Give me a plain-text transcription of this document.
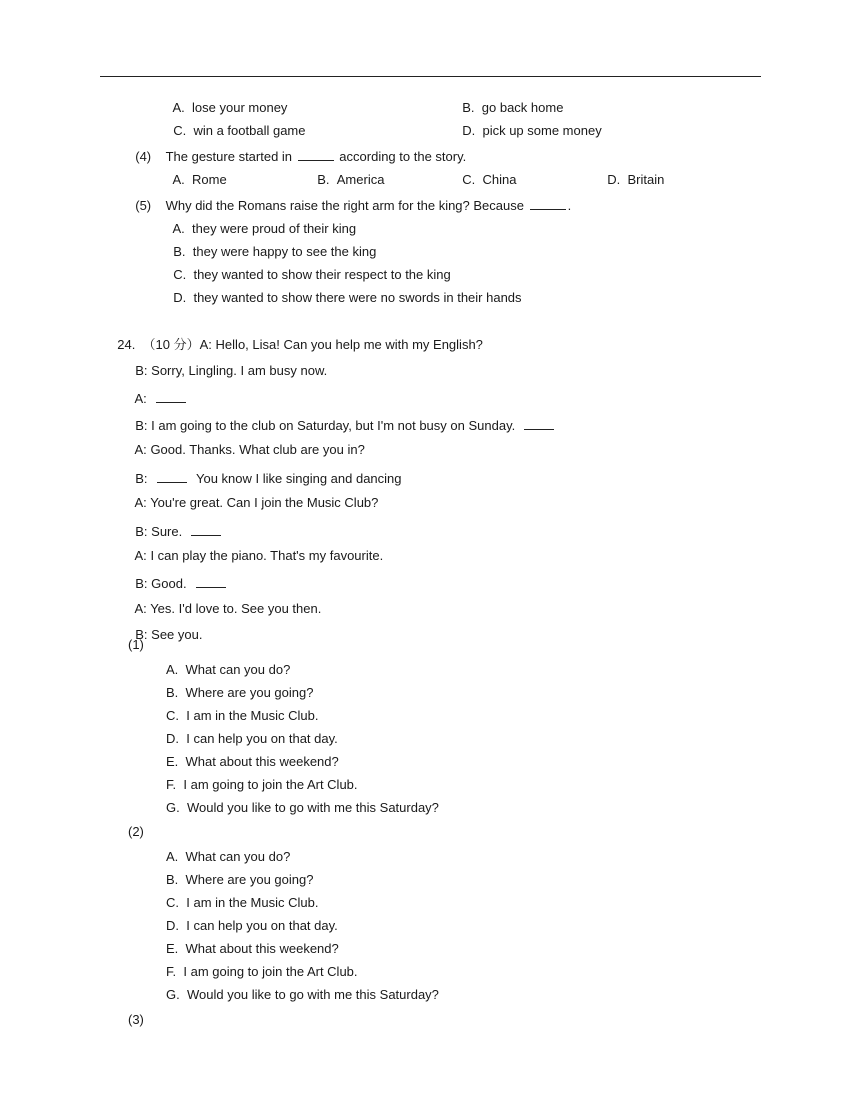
A. lose your money	B. go back home

C. win a football game	D. pick up some money

(4) The gesture started in	according to the story.

A. Rome	B. America	C. China	D. Britain

(5) Why did the Romans raise the right arm for the king? Because	.

A. they were proud of their king

B. they were happy to see the king

C. they wanted to show their respect to the king

D. they wanted to show there were no swords in their hands

24. （10 分）A: Hello, Lisa! Can you help me with my English?

B: Sorry, Lingling. I am busy now.

A:

B: I am going to the club on Saturday, but I'm not busy on Sunday.

A: Good. Thanks. What club are you in?

B:	You know I like singing and dancing

A: You're great. Can I join the Music Club?

B: Sure.

A: I can play the piano. That's my favourite.

B: Good.

A: Yes. I'd love to. See you then.

B: See you.

(1)
A. What can you do?
B. Where are you going?
C. I am in the Music Club.
D. I can help you on that day.
E. What about this weekend?
F. I am going to join the Art Club.
G. Would you like to go with me this Saturday?
(2)
A. What can you do?
B. Where are you going?
C. I am in the Music Club.
D. I can help you on that day.
E. What about this weekend?
F. I am going to join the Art Club.
G. Would you like to go with me this Saturday?
(3)
